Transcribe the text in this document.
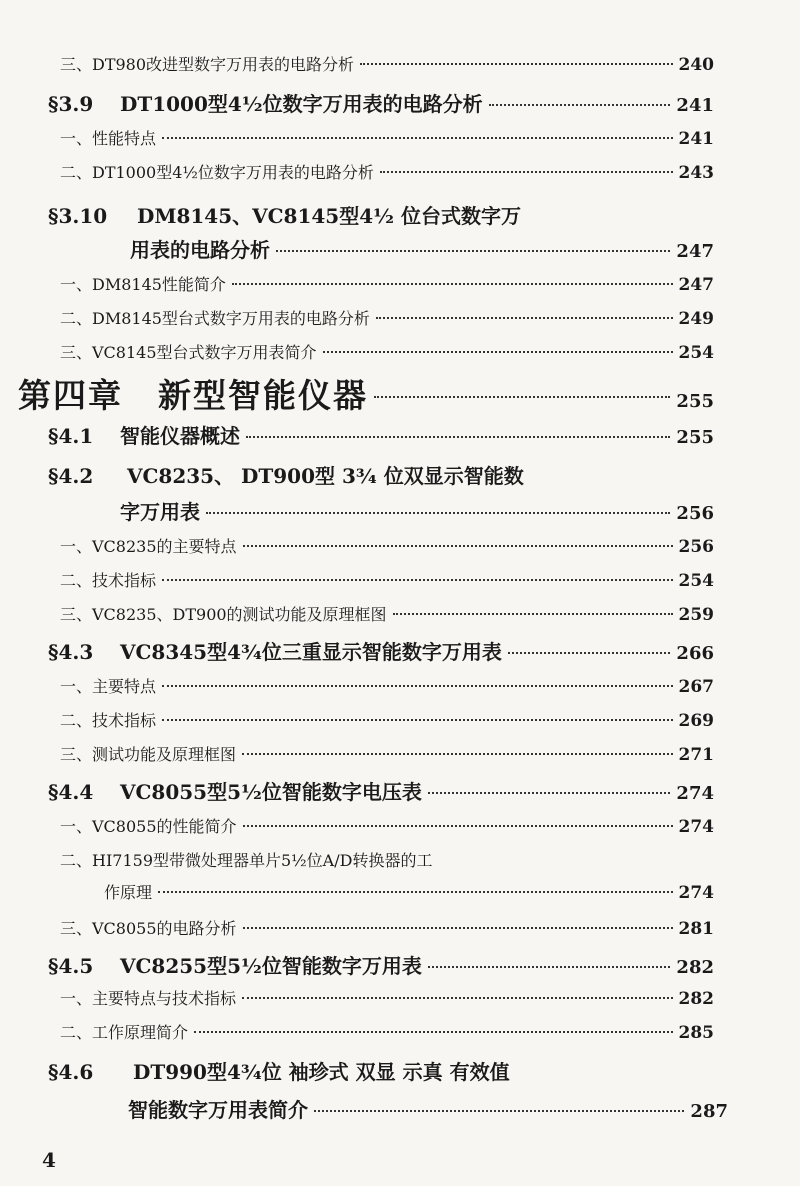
三、DT980改进型数字万用表的电路分析	240
§3.9	DT1000型4½位数字万用表的电路分析	241
一、性能特点	241
二、DT1000型4½位数字万用表的电路分析	243
§3.10 DM8145、VC8145型4½ 位台式数字万
用表的电路分析	247
一、DM8145性能简介	247
二、DM8145型台式数字万用表的电路分析	249
三、VC8145型台式数字万用表简介	254
第四章　新型智能仪器	255
§4.1	智能仪器概述	255
§4.2 VC8235、 DT900型 3¾ 位双显示智能数
字万用表	256
一、VC8235的主要特点	256
二、技术指标	254
三、VC8235、DT900的测试功能及原理框图	259
§4.3	VC8345型4¾位三重显示智能数字万用表	266
一、主要特点	267
二、技术指标	269
三、测试功能及原理框图	271
§4.4	VC8055型5½位智能数字电压表	274
一、VC8055的性能简介	274
二、HI7159型带微处理器单片5½位A/D转换器的工
作原理	274
三、VC8055的电路分析	281
§4.5	VC8255型5½位智能数字万用表	282
一、主要特点与技术指标	282
二、工作原理简介	285
§4.6 DT990型4¾位 袖珍式 双显 示真 有效值
智能数字万用表简介	287
4
